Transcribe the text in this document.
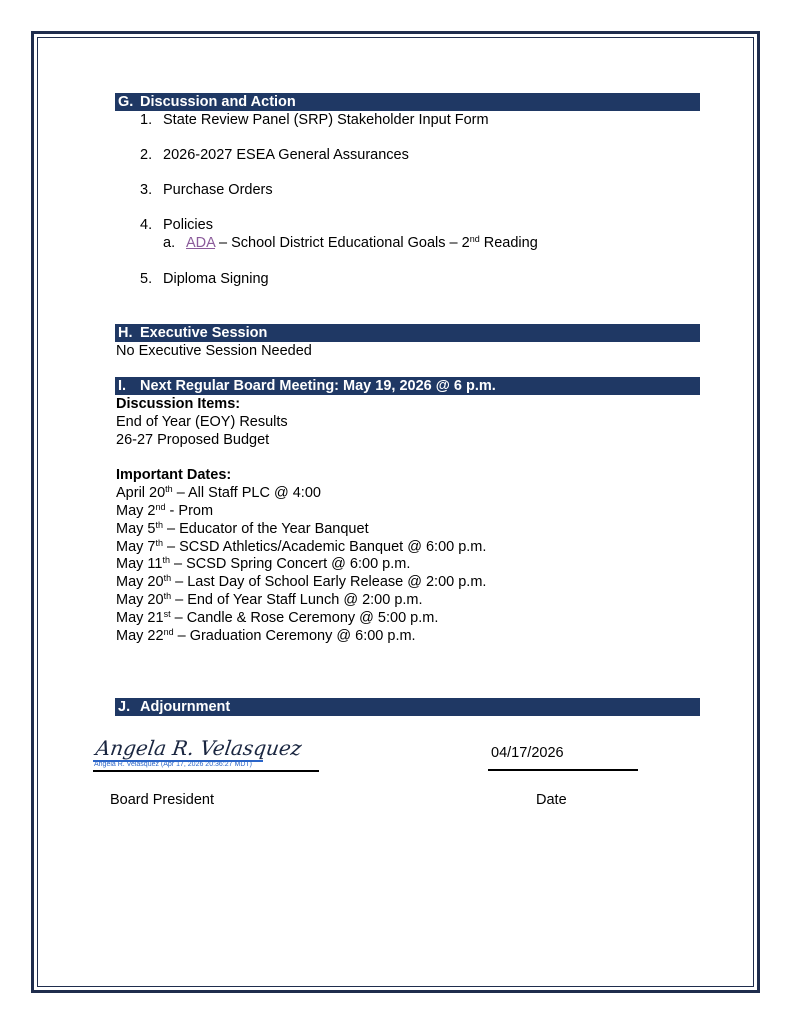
G. Discussion and Action
1. State Review Panel (SRP) Stakeholder Input Form
2. 2026-2027 ESEA General Assurances
3. Purchase Orders
4. Policies
a. ADA – School District Educational Goals – 2nd Reading
5. Diploma Signing
H. Executive Session
No Executive Session Needed
I. Next Regular Board Meeting: May 19, 2026 @ 6 p.m.
Discussion Items:
End of Year (EOY) Results
26-27 Proposed Budget
Important Dates:
April 20th – All Staff PLC @ 4:00
May 2nd - Prom
May 5th – Educator of the Year Banquet
May 7th – SCSD Athletics/Academic Banquet @ 6:00 p.m.
May 11th – SCSD Spring Concert @ 6:00 p.m.
May 20th – Last Day of School Early Release @ 2:00 p.m.
May 20th – End of Year Staff Lunch @ 2:00 p.m.
May 21st – Candle & Rose Ceremony @ 5:00 p.m.
May 22nd – Graduation Ceremony @ 6:00 p.m.
J. Adjournment
Angela R. Velasquez
Angela R. Velasquez (Apr 17, 2026 20:36:27 MDT)
04/17/2026
Board President	Date
